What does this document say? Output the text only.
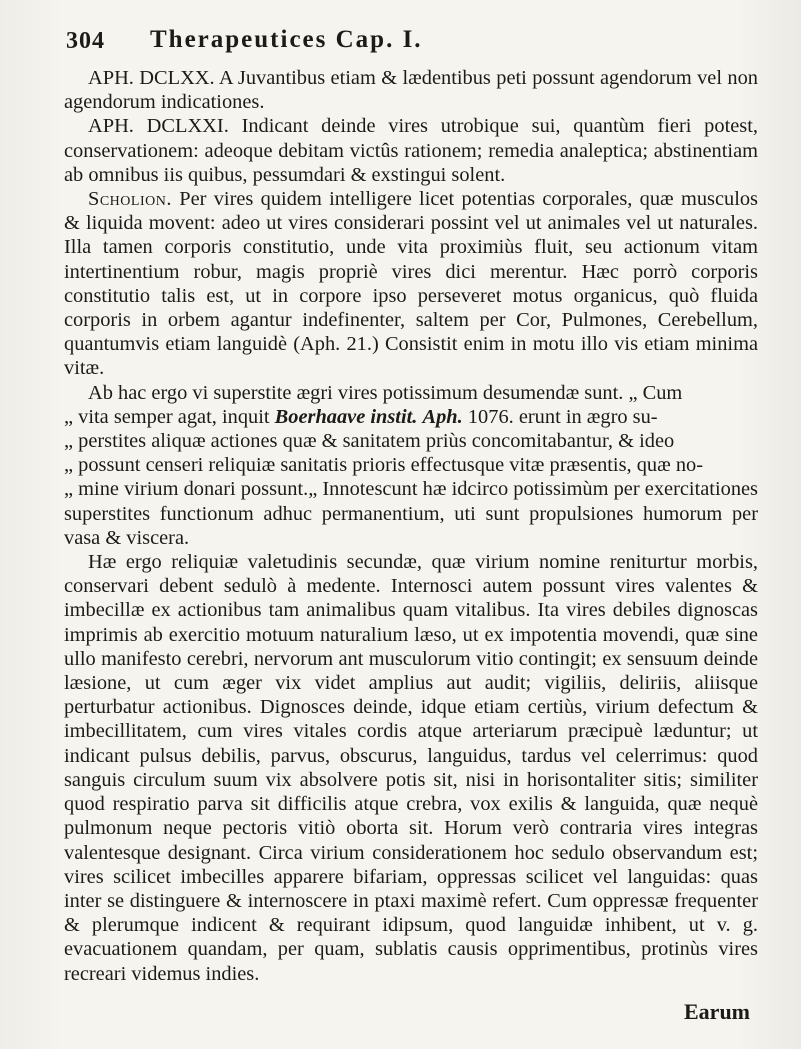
304 Therapeutices Cap. I.

APH. DCLXX. A Juvantibus etiam & lædentibus peti possunt agendorum vel non agendorum indicationes.

APH. DCLXXI. Indicant deinde vires utrobique sui, quantùm fieri potest, conservationem: adeoque debitam victûs rationem; remedia analeptica; abstinentiam ab omnibus iis quibus, pessumdari & exstingui solent.

Scholion. Per vires quidem intelligere licet potentias corporales, quæ musculos & liquida movent: adeo ut vires considerari possint vel ut animales vel ut naturales. Illa tamen corporis constitutio, unde vita proximiùs fluit, seu actionum vitam intertinentium robur, magis propriè vires dici merentur. Hæc porrò corporis constitutio talis est, ut in corpore ipso perseveret motus organicus, quò fluida corporis in orbem agantur indefinenter, saltem per Cor, Pulmones, Cerebellum, quantumvis etiam languidè (Aph. 21.) Consistit enim in motu illo vis etiam minima vitæ.

Ab hac ergo vi superstite ægri vires potissimum desumendæ sunt. „ Cum

„ vita semper agat, inquit Boerhaave instit. Aph. 1076. erunt in ægro su-

„ perstites aliquæ actiones quæ & sanitatem priùs concomitabantur, & ideo

„ possunt censeri reliquiæ sanitatis prioris effectusque vitæ præsentis, quæ no-

„ mine virium donari possunt.„ Innotescunt hæ idcirco potissimùm per exercitationes superstites functionum adhuc permanentium, uti sunt propulsiones humorum per vasa & viscera.

Hæ ergo reliquiæ valetudinis secundæ, quæ virium nomine reniturtur morbis, conservari debent sedulò à medente. Internosci autem possunt vires valentes & imbecillæ ex actionibus tam animalibus quam vitalibus. Ita vires debiles dignoscas imprimis ab exercitio motuum naturalium læso, ut ex impotentia movendi, quæ sine ullo manifesto cerebri, nervorum ant musculorum vitio contingit; ex sensuum deinde læsione, ut cum æger vix videt amplius aut audit; vigiliis, deliriis, aliisque perturbatur actionibus. Dignosces deinde, idque etiam certiùs, virium defectum & imbecillitatem, cum vires vitales cordis atque arteriarum præcipuè læduntur; ut indicant pulsus debilis, parvus, obscurus, languidus, tardus vel celerrimus: quod sanguis circulum suum vix absolvere potis sit, nisi in horisontaliter sitis; similiter quod respiratio parva sit difficilis atque crebra, vox exilis & languida, quæ nequè pulmonum neque pectoris vitiò oborta sit. Horum verò contraria vires integras valentesque designant. Circa virium considerationem hoc sedulo observandum est; vires scilicet imbecilles apparere bifariam, oppressas scilicet vel languidas: quas inter se distinguere & internoscere in ptaxi maximè refert. Cum oppressæ frequenter & plerumque indicent & requirant idipsum, quod languidæ inhibent, ut v. g. evacuationem quandam, per quam, sublatis causis opprimentibus, protinùs vires recreari videmus indies.

Earum
